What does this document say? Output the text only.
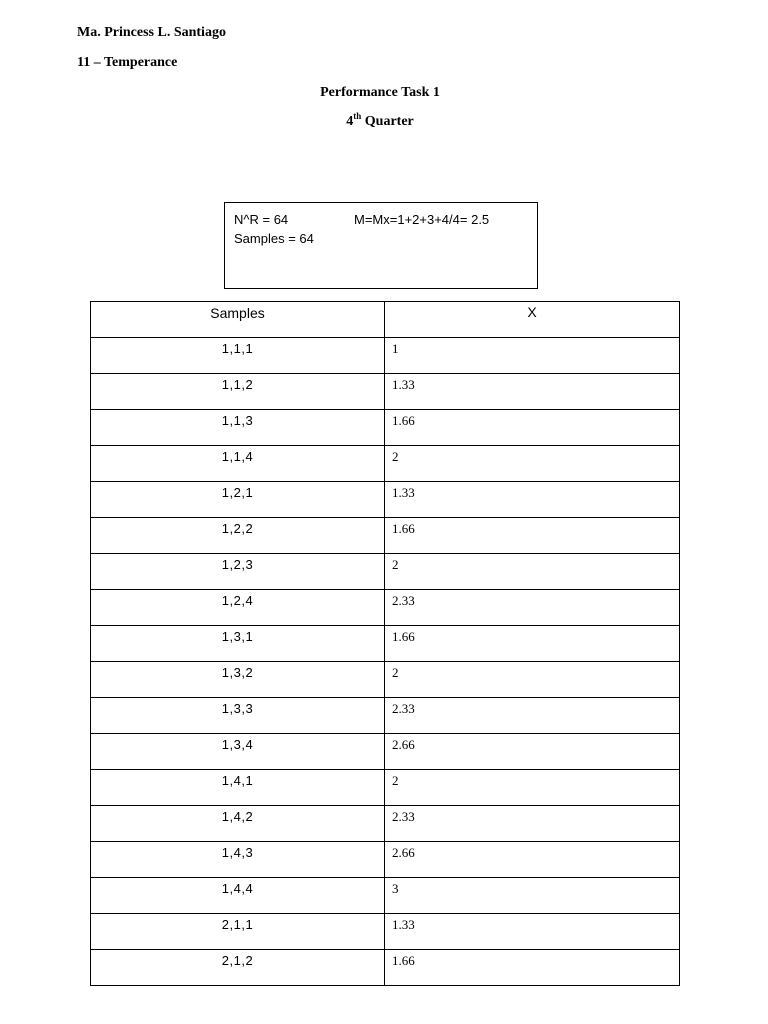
Ma. Princess L. Santiago
11 – Temperance
Performance Task 1
4th Quarter
N^R = 64	M=Mx=1+2+3+4/4= 2.5
Samples = 64
Samples	X
1,1,1	1
1,1,2	1.33
1,1,3	1.66
1,1,4	2
1,2,1	1.33
1,2,2	1.66
1,2,3	2
1,2,4	2.33
1,3,1	1.66
1,3,2	2
1,3,3	2.33
1,3,4	2.66
1,4,1	2
1,4,2	2.33
1,4,3	2.66
1,4,4	3
2,1,1	1.33
2,1,2	1.66
